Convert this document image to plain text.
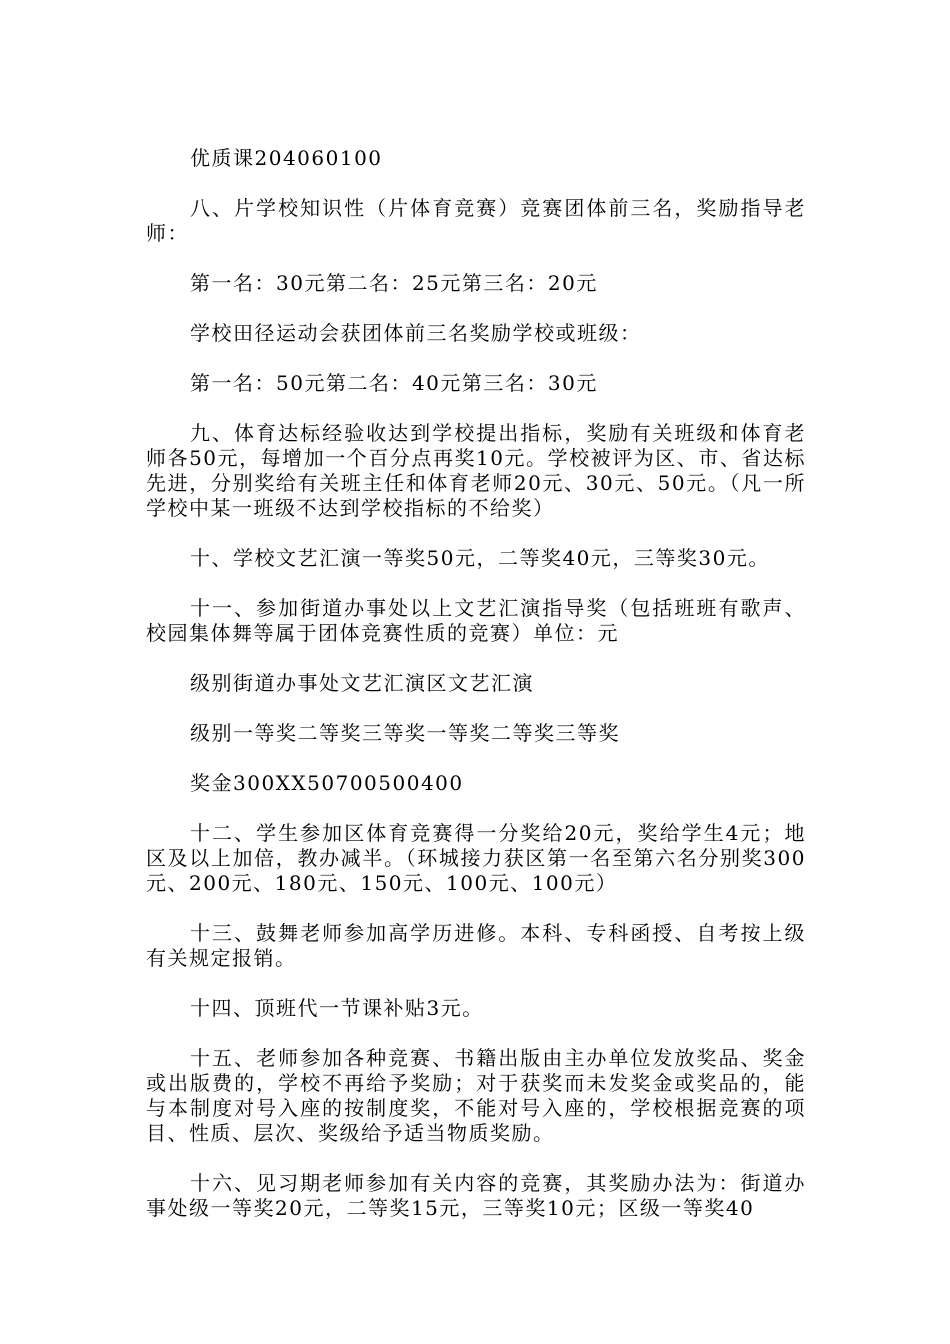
优质课204060100

八、片学校知识性（片体育竞赛）竞赛团体前三名，奖励指导老师：

第一名：30元第二名：25元第三名：20元

学校田径运动会获团体前三名奖励学校或班级：

第一名：50元第二名：40元第三名：30元

九、体育达标经验收达到学校提出指标，奖励有关班级和体育老师各50元，每增加一个百分点再奖10元。学校被评为区、市、省达标先进，分别奖给有关班主任和体育老师20元、30元、50元。（凡一所学校中某一班级不达到学校指标的不给奖）

十、学校文艺汇演一等奖50元，二等奖40元，三等奖30元。

十一、参加街道办事处以上文艺汇演指导奖（包括班班有歌声、校园集体舞等属于团体竞赛性质的竞赛）单位：元

级别街道办事处文艺汇演区文艺汇演

级别一等奖二等奖三等奖一等奖二等奖三等奖

奖金300XX50700500400

十二、学生参加区体育竞赛得一分奖给20元，奖给学生4元；地区及以上加倍，教办减半。（环城接力获区第一名至第六名分别奖300元、200元、180元、150元、100元、100元）

十三、鼓舞老师参加高学历进修。本科、专科函授、自考按上级有关规定报销。

十四、顶班代一节课补贴3元。

十五、老师参加各种竞赛、书籍出版由主办单位发放奖品、奖金或出版费的，学校不再给予奖励；对于获奖而未发奖金或奖品的，能与本制度对号入座的按制度奖，不能对号入座的，学校根据竞赛的项目、性质、层次、奖级给予适当物质奖励。

十六、见习期老师参加有关内容的竞赛，其奖励办法为：街道办事处级一等奖20元，二等奖15元，三等奖10元；区级一等奖40
